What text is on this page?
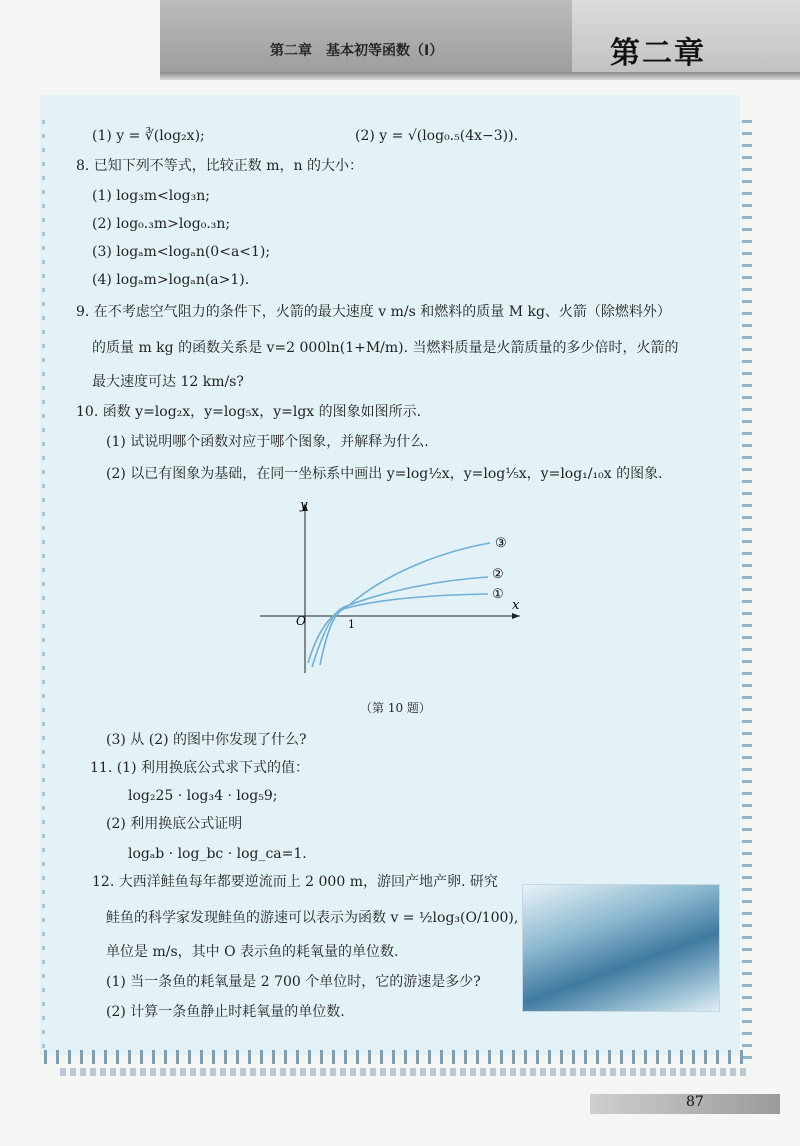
第二章　基本初等函数（Ⅰ）	第二章
(1) y = ∛(log₂x);	(2) y = √(log₀.₅(4x−3)).
8. 已知下列不等式，比较正数 m，n 的大小：
(1) log₃m<log₃n;
(2) log₀.₃m>log₀.₃n;
(3) logₐm<logₐn(0<a<1);
(4) logₐm>logₐn(a>1).
9. 在不考虑空气阻力的条件下，火箭的最大速度 v m/s 和燃料的质量 M kg、火箭（除燃料外）
的质量 m kg 的函数关系是 v=2 000ln(1+M/m). 当燃料质量是火箭质量的多少倍时，火箭的
最大速度可达 12 km/s?
10. 函数 y=log₂x，y=log₅x，y=lgx 的图象如图所示.
(1) 试说明哪个函数对应于哪个图象，并解释为什么.
(2) 以已有图象为基础，在同一坐标系中画出 y=log½x，y=log⅕x，y=log₁/₁₀x 的图象.
y
x
O	1
③
②
①
（第 10 题）
(3) 从 (2) 的图中你发现了什么?
11. (1) 利用换底公式求下式的值：
log₂25 · log₃4 · log₅9;
(2) 利用换底公式证明
logₐb · log_bc · log_ca=1.
12. 大西洋鲑鱼每年都要逆流而上 2 000 m，游回产地产卵. 研究
鲑鱼的科学家发现鲑鱼的游速可以表示为函数 v = ½log₃(O/100),
单位是 m/s，其中 O 表示鱼的耗氧量的单位数.
(1) 当一条鱼的耗氧量是 2 700 个单位时，它的游速是多少?
(2) 计算一条鱼静止时耗氧量的单位数.
87
